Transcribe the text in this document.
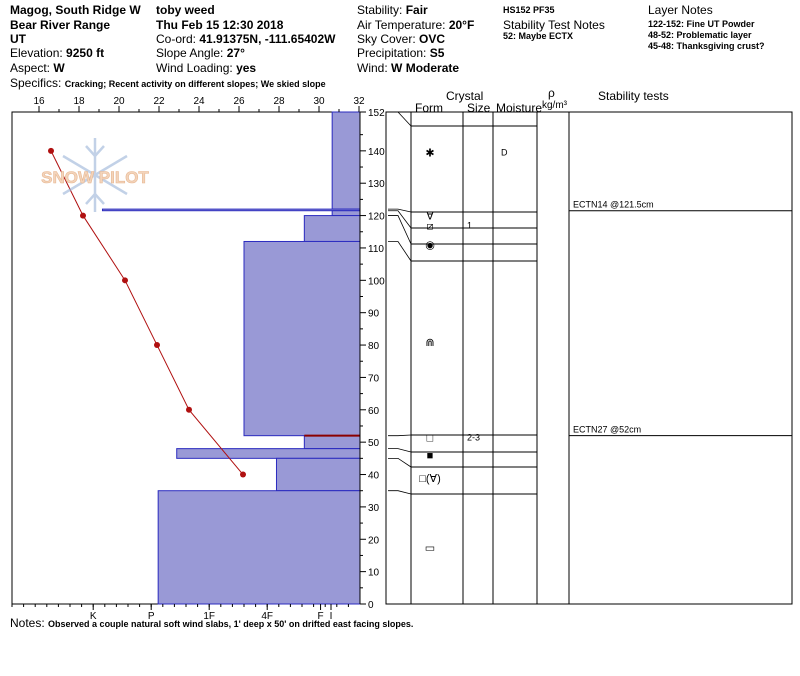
Magog, South Ridge W
Bear River Range
UT
Elevation: 9250 ft
Aspect: W
toby weed
Thu Feb 15 12:30 2018
Co-ord: 41.91375N, -111.65402W
Slope Angle: 27°
Wind Loading: yes
Stability: Fair
Air Temperature: 20°F
Sky Cover: OVC
Precipitation: S5
Wind: W Moderate
HS152 PF35
Stability Test Notes
52: Maybe ECTX
Layer Notes
122-152: Fine UT Powder
48-52: Problematic layer
45-48: Thanksgiving crust?
Specifics: Cracking; Recent activity on different slopes; We skied slope
Crystal
Form Size Moisture
ρ
kg/m³
Stability tests
16	18	20	22	24	26	28	30	32
I
K	P	1F	4F	F
0
10
20
30
40
50
60
70
80
90
100
110
120
130
140
152
✱	D
∀
⧄	1
◉
⋒
□	2-3
■
□(∀)
▭
ECTN14 @121.5cm
ECTN27 @52cm
SNOW PILOT
Notes: Observed a couple natural soft wind slabs, 1' deep x 50' on drifted east facing slopes.
